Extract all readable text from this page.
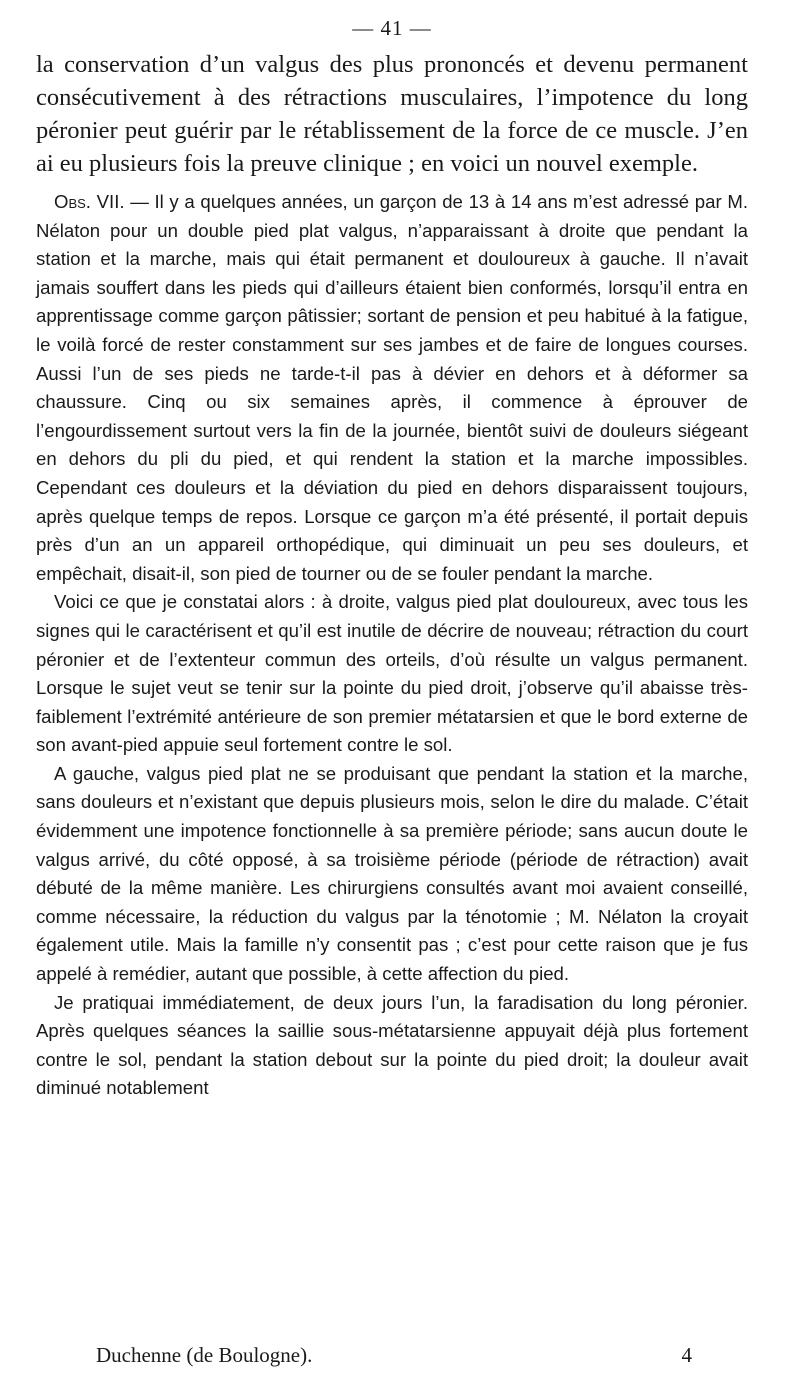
— 41 —

la conservation d’un valgus des plus prononcés et devenu permanent consécutivement à des rétractions musculaires, l’impotence du long péronier peut guérir par le rétablissement de la force de ce muscle. J’en ai eu plusieurs fois la preuve clinique ; en voici un nouvel exemple.

Obs. VII. — Il y a quelques années, un garçon de 13 à 14 ans m’est adressé par M. Nélaton pour un double pied plat valgus, n’apparaissant à droite que pendant la station et la marche, mais qui était permanent et douloureux à gauche. Il n’avait jamais souffert dans les pieds qui d’ailleurs étaient bien conformés, lorsqu’il entra en apprentissage comme garçon pâtissier; sortant de pension et peu habitué à la fatigue, le voilà forcé de rester constamment sur ses jambes et de faire de longues courses. Aussi l’un de ses pieds ne tarde-t-il pas à dévier en dehors et à déformer sa chaussure. Cinq ou six semaines après, il commence à éprouver de l’engourdissement surtout vers la fin de la journée, bientôt suivi de douleurs siégeant en dehors du pli du pied, et qui rendent la station et la marche impossibles. Cependant ces douleurs et la déviation du pied en dehors disparaissent toujours, après quelque temps de repos. Lorsque ce garçon m’a été présenté, il portait depuis près d’un an un appareil orthopédique, qui diminuait un peu ses douleurs, et empêchait, disait-il, son pied de tourner ou de se fouler pendant la marche.

Voici ce que je constatai alors : à droite, valgus pied plat douloureux, avec tous les signes qui le caractérisent et qu’il est inutile de décrire de nouveau; rétraction du court péronier et de l’extenteur commun des orteils, d’où résulte un valgus permanent. Lorsque le sujet veut se tenir sur la pointe du pied droit, j’observe qu’il abaisse très-faiblement l’extrémité antérieure de son premier métatarsien et que le bord externe de son avant-pied appuie seul fortement contre le sol.

A gauche, valgus pied plat ne se produisant que pendant la station et la marche, sans douleurs et n’existant que depuis plusieurs mois, selon le dire du malade. C’était évidemment une impotence fonctionnelle à sa première période; sans aucun doute le valgus arrivé, du côté opposé, à sa troisième période (période de rétraction) avait débuté de la même manière. Les chirurgiens consultés avant moi avaient conseillé, comme nécessaire, la réduction du valgus par la ténotomie ; M. Nélaton la croyait également utile. Mais la famille n’y consentit pas ; c’est pour cette raison que je fus appelé à remédier, autant que possible, à cette affection du pied.

Je pratiquai immédiatement, de deux jours l’un, la faradisation du long péronier. Après quelques séances la saillie sous-métatarsienne appuyait déjà plus fortement contre le sol, pendant la station debout sur la pointe du pied droit; la douleur avait diminué notablement

Duchenne (de Boulogne).	4
